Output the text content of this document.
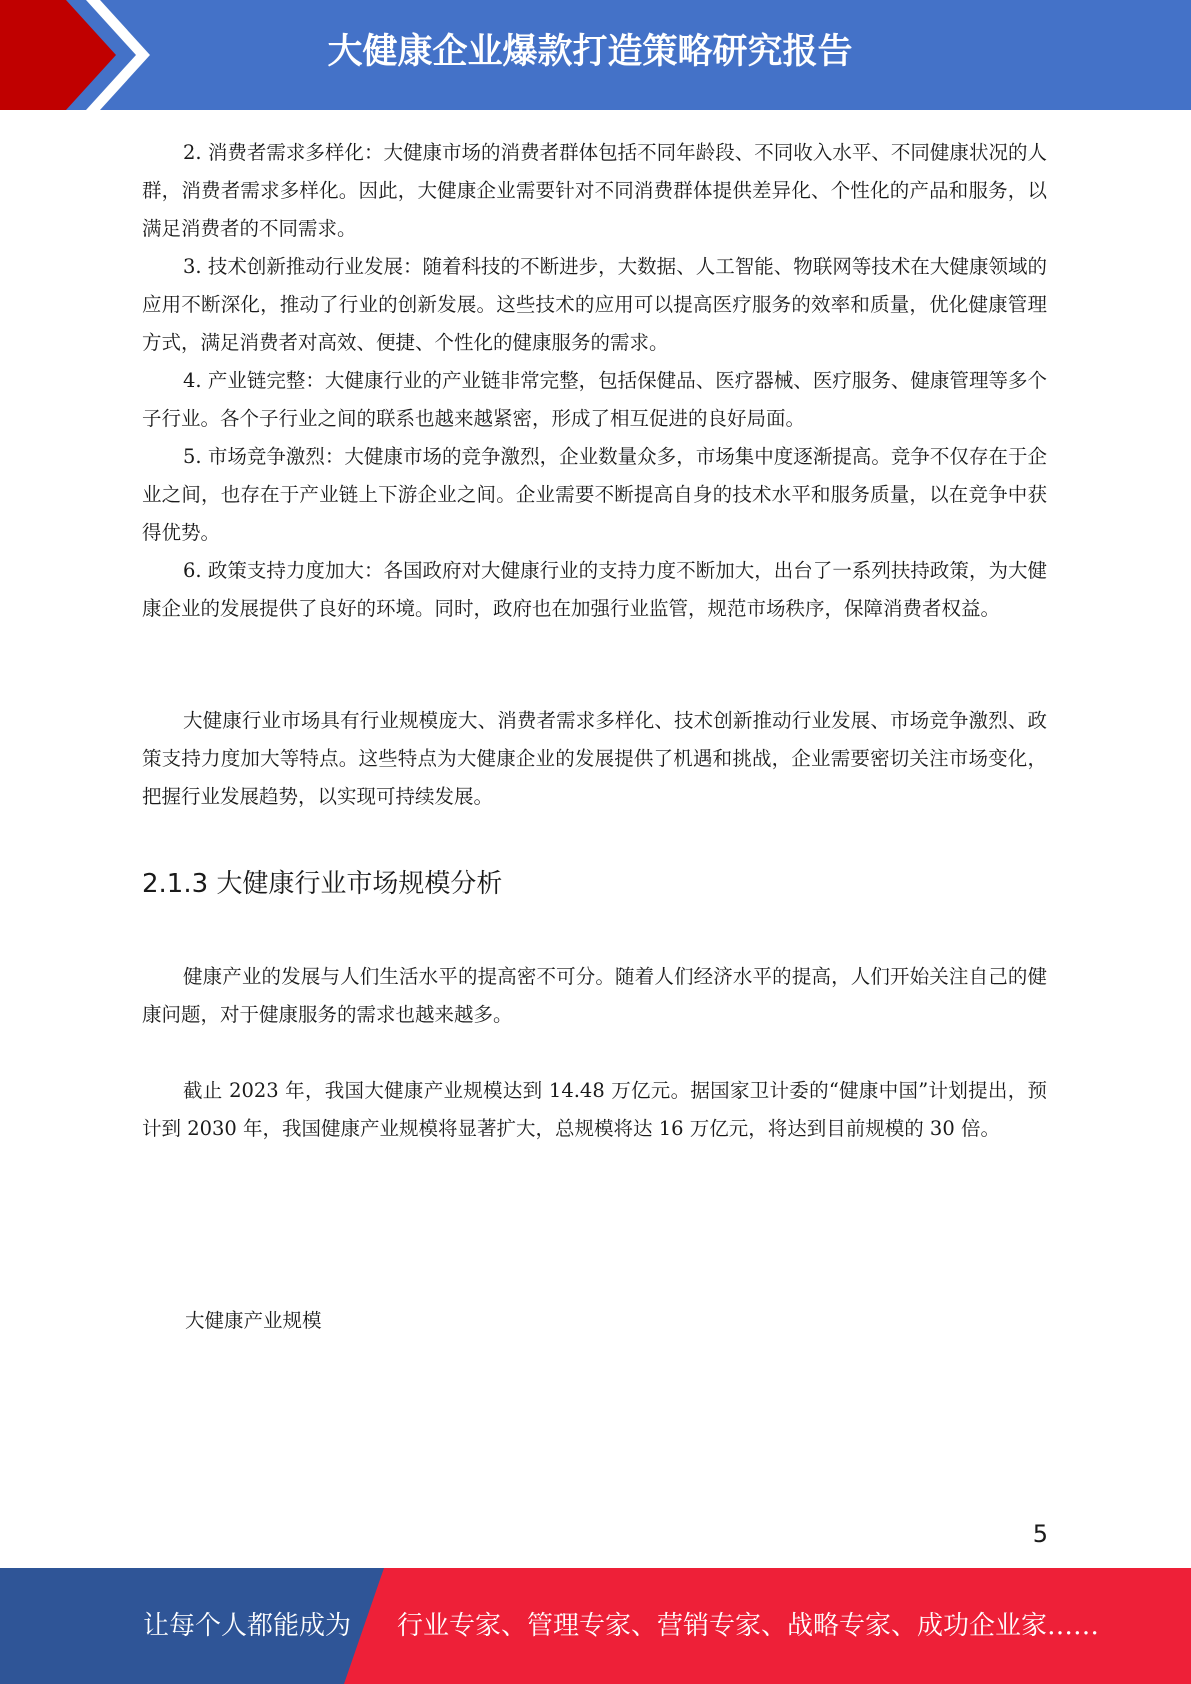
大健康企业爆款打造策略研究报告

2. 消费者需求多样化：大健康市场的消费者群体包括不同年龄段、不同收入水平、不同健康状况的人群，消费者需求多样化。因此，大健康企业需要针对不同消费群体提供差异化、个性化的产品和服务，以满足消费者的不同需求。

3. 技术创新推动行业发展：随着科技的不断进步，大数据、人工智能、物联网等技术在大健康领域的应用不断深化，推动了行业的创新发展。这些技术的应用可以提高医疗服务的效率和质量，优化健康管理方式，满足消费者对高效、便捷、个性化的健康服务的需求。

4. 产业链完整：大健康行业的产业链非常完整，包括保健品、医疗器械、医疗服务、健康管理等多个子行业。各个子行业之间的联系也越来越紧密，形成了相互促进的良好局面。

5. 市场竞争激烈：大健康市场的竞争激烈，企业数量众多，市场集中度逐渐提高。竞争不仅存在于企业之间，也存在于产业链上下游企业之间。企业需要不断提高自身的技术水平和服务质量，以在竞争中获得优势。

6. 政策支持力度加大：各国政府对大健康行业的支持力度不断加大，出台了一系列扶持政策，为大健康企业的发展提供了良好的环境。同时，政府也在加强行业监管，规范市场秩序，保障消费者权益。

大健康行业市场具有行业规模庞大、消费者需求多样化、技术创新推动行业发展、市场竞争激烈、政策支持力度加大等特点。这些特点为大健康企业的发展提供了机遇和挑战，企业需要密切关注市场变化，把握行业发展趋势，以实现可持续发展。

2.1.3 大健康行业市场规模分析

健康产业的发展与人们生活水平的提高密不可分。随着人们经济水平的提高，人们开始关注自己的健康问题，对于健康服务的需求也越来越多。

截止 2023 年，我国大健康产业规模达到 14.48 万亿元。据国家卫计委的“健康中国”计划提出，预计到 2030 年，我国健康产业规模将显著扩大，总规模将达 16 万亿元，将达到目前规模的 30 倍。

大健康产业规模
5
让每个人都能成为 行业专家、管理专家、营销专家、战略专家、成功企业家……
